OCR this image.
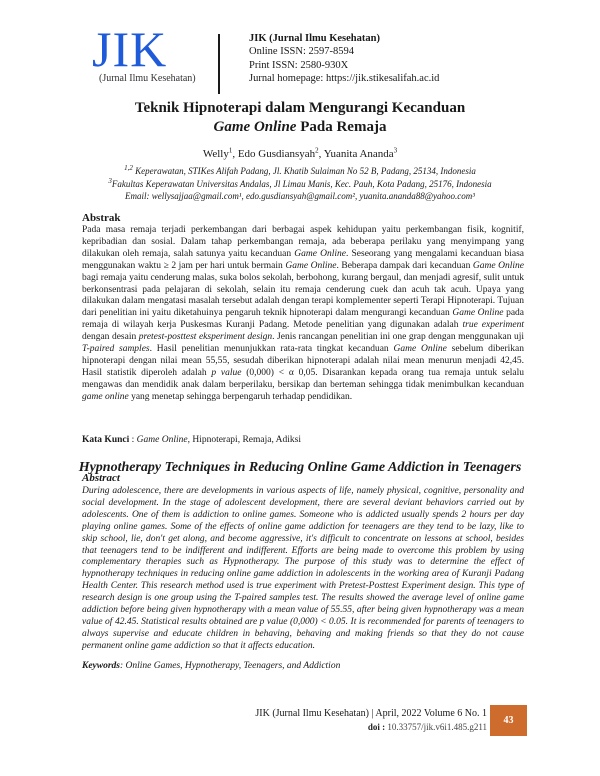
JIK
(Jurnal Ilmu Kesehatan)
JIK (Jurnal Ilmu Kesehatan)
Online ISSN: 2597-8594
Print ISSN: 2580-930X
Jurnal homepage: https://jik.stikesalifah.ac.id
Teknik Hipnoterapi dalam Mengurangi Kecanduan
Game Online Pada Remaja
Welly$^1$, Edo Gusdiansyah$^2$, Yuanita Ananda$^3$
$^{1,2}$ Keperawatan, STIKes Alifah Padang, Jl. Khatib Sulaiman No 52 B, Padang, 25134, Indonesia
$^3$Fakultas Keperawatan Universitas Andalas, Jl Limau Manis, Kec. Pauh, Kota Padang, 25176, Indonesia
Email: wellysajjaa@gmail.com¹, edo.gusdiansyah@gmail.com², yuanita.ananda88@yahoo.com³
Abstrak
Pada masa remaja terjadi perkembangan dari berbagai aspek kehidupan yaitu perkembangan fisik, kognitif, kepribadian dan sosial. Dalam tahap perkembangan remaja, ada beberapa perilaku yang menyimpang yang dilakukan oleh remaja, salah satunya yaitu kecanduan Game Online. Seseorang yang mengalami kecanduan biasa menggunakan waktu ≥ 2 jam per hari untuk bermain Game Online. Beberapa dampak dari kecanduan Game Online bagi remaja yaitu cenderung malas, suka bolos sekolah, berbohong, kurang bergaul, dan menjadi agresif, sulit untuk berkonsentrasi pada pelajaran di sekolah, selain itu remaja cenderung cuek dan acuh tak acuh. Upaya yang dilakukan dalam mengatasi masalah tersebut adalah dengan terapi komplementer seperti Terapi Hipnoterapi. Tujuan dari penelitian ini yaitu diketahuinya pengaruh teknik hipnoterapi dalam mengurangi kecanduan Game Online pada remaja di wilayah kerja Puskesmas Kuranji Padang. Metode penelitian yang digunakan adalah true experiment dengan desain pretest-posttest eksperiment design. Jenis rancangan penelitian ini one grap dengan menggunakan uji T-paired samples. Hasil penelitian menunjukkan rata-rata tingkat kecanduan Game Online sebelum diberikan hipnoterapi dengan nilai mean 55,55, sesudah diberikan hipnoterapi adalah nilai mean menurun menjadi 42,45. Hasil statistik diperoleh adalah p value (0,000) < α 0,05. Disarankan kepada orang tua remaja untuk selalu mengawas dan mendidik anak dalam berperilaku, bersikap dan berteman sehingga tidak menimbulkan kecanduan game online yang menetap sehingga berpengaruh terhadap pendidikan.
Kata Kunci : Game Online, Hipnoterapi, Remaja, Adiksi
Hypnotherapy Techniques in Reducing Online Game Addiction in Teenagers
Abstract
During adolescence, there are developments in various aspects of life, namely physical, cognitive, personality and social development. In the stage of adolescent development, there are several deviant behaviors carried out by adolescents. One of them is addiction to online games. Someone who is addicted usually spends 2 hours per day playing online games. Some of the effects of online game addiction for teenagers are they tend to be lazy, like to skip school, lie, don't get along, and become aggressive, it's difficult to concentrate on lessons at school, besides that teenagers tend to be indifferent and indifferent. Efforts are being made to overcome this problem by using complementary therapies such as Hypnotherapy. The purpose of this study was to determine the effect of hypnotherapy techniques in reducing online game addiction in adolescents in the working area of Kuranji Padang Health Center. This research method used is true experiment with Pretest-Posttest Experiment design. This type of research design is one group using the T-paired samples test. The results showed the average level of online game addiction before being given hypnotherapy with a mean value of 55.55, after being given hypnotherapy was a mean value of 42.45. Statistical results obtained are p value (0,000) < 0.05. It is recommended for parents of teenagers to always supervise and educate children in behaving, behaving and making friends so that they do not cause permanent online game addiction so that it affects education.
Keywords: Online Games, Hypnotherapy, Teenagers, and Addiction
JIK (Jurnal Ilmu Kesehatan) | April, 2022 Volume 6 No. 1
doi : 10.33757/jik.v6i1.485.g211
43
